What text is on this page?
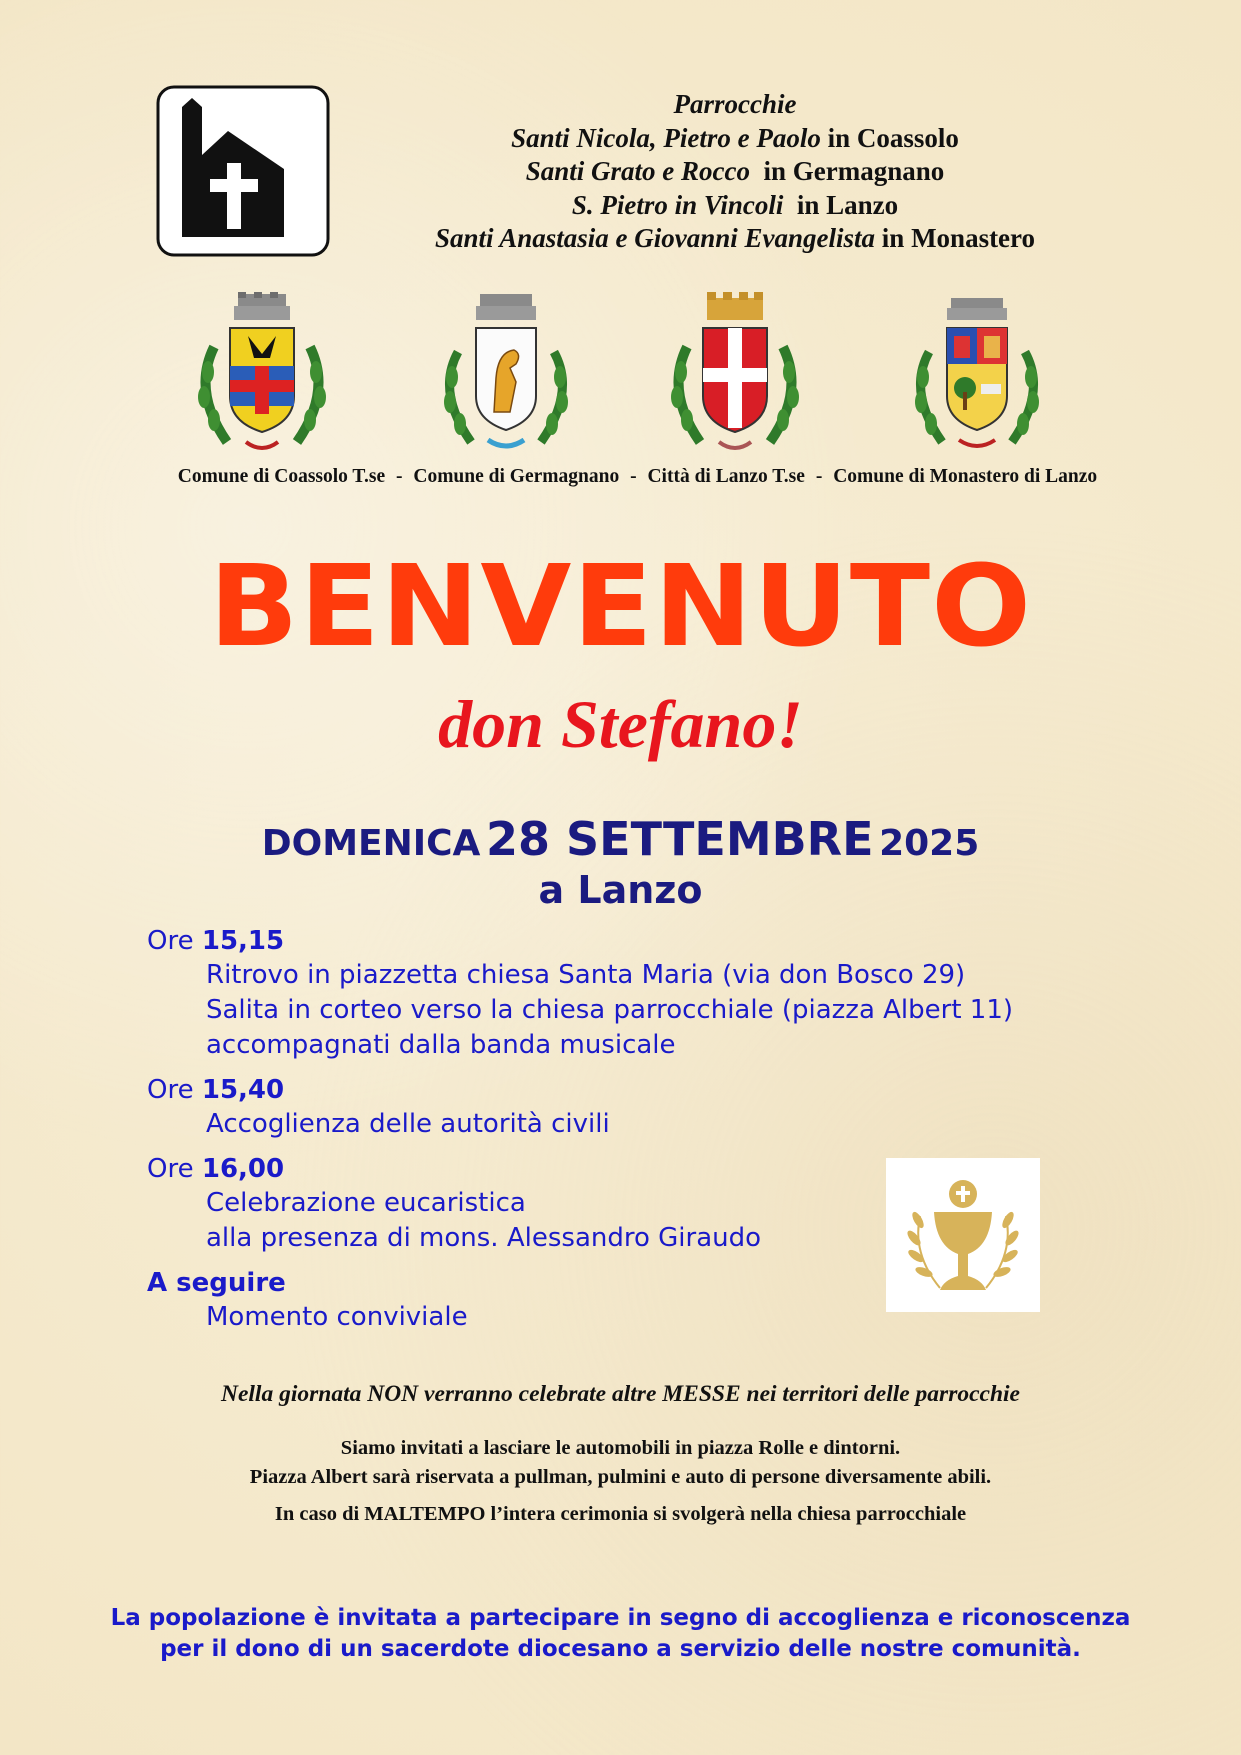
Parrocchie
Santi Nicola, Pietro e Paolo in Coassolo
Santi Grato e Rocco in Germagnano
S. Pietro in Vincoli in Lanzo
Santi Anastasia e Giovanni Evangelista in Monastero
Comune di Coassolo T.se - Comune di Germagnano - Città di Lanzo T.se - Comune di Monastero di Lanzo
BENVENUTO
don Stefano!
DOMENICA 28 SETTEMBRE 2025
a Lanzo
Ore 15,15
Ritrovo in piazzetta chiesa Santa Maria (via don Bosco 29)
Salita in corteo verso la chiesa parrocchiale (piazza Albert 11)
accompagnati dalla banda musicale
Ore 15,40
Accoglienza delle autorità civili
Ore 16,00
Celebrazione eucaristica
alla presenza di mons. Alessandro Giraudo
A seguire
Momento conviviale
Nella giornata NON verranno celebrate altre MESSE nei territori delle parrocchie
Siamo invitati a lasciare le automobili in piazza Rolle e dintorni.
Piazza Albert sarà riservata a pullman, pulmini e auto di persone diversamente abili.
In caso di MALTEMPO l’intera cerimonia si svolgerà nella chiesa parrocchiale
La popolazione è invitata a partecipare in segno di accoglienza e riconoscenza
per il dono di un sacerdote diocesano a servizio delle nostre comunità.
